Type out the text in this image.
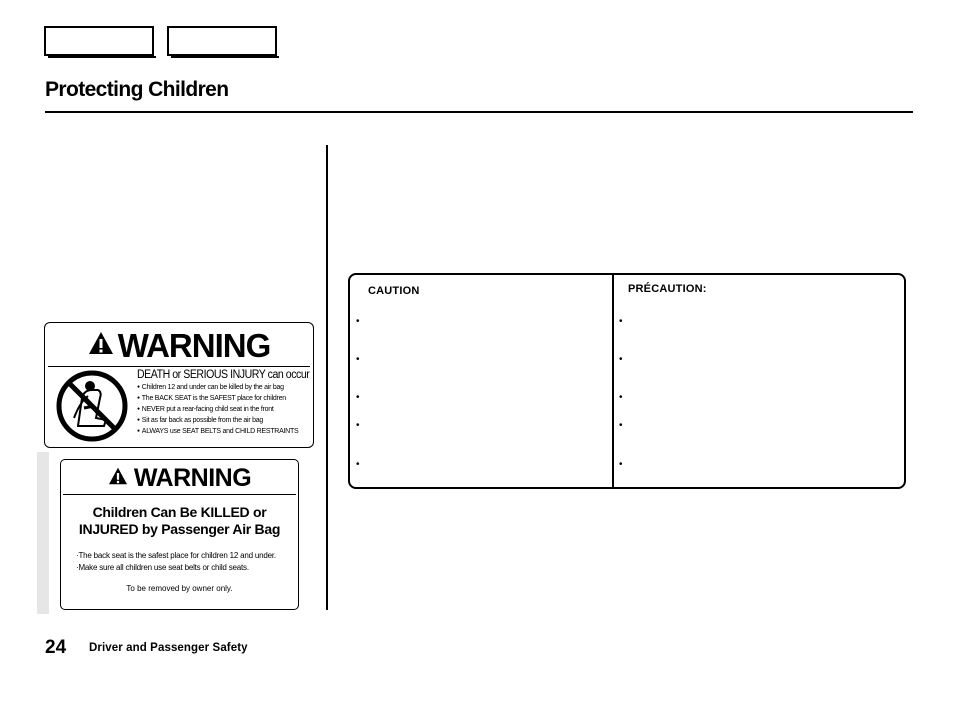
Protecting Children
WARNING
DEATH or SERIOUS INJURY can occur
● Children 12 and under can be killed by the air bag
● The BACK SEAT is the SAFEST place for children
● NEVER put a rear-facing child seat in the front
● Sit as far back as possible from the air bag
● ALWAYS use SEAT BELTS and CHILD RESTRAINTS
WARNING
Children Can Be KILLED or
INJURED by Passenger Air Bag
· The back seat is the safest place for children 12 and under.
· Make sure all children use seat belts or child seats.
To be removed by owner only.
CAUTION	PRÉCAUTION:
•
•
•
•
•
•
•
•
•
•
24 Driver and Passenger Safety
